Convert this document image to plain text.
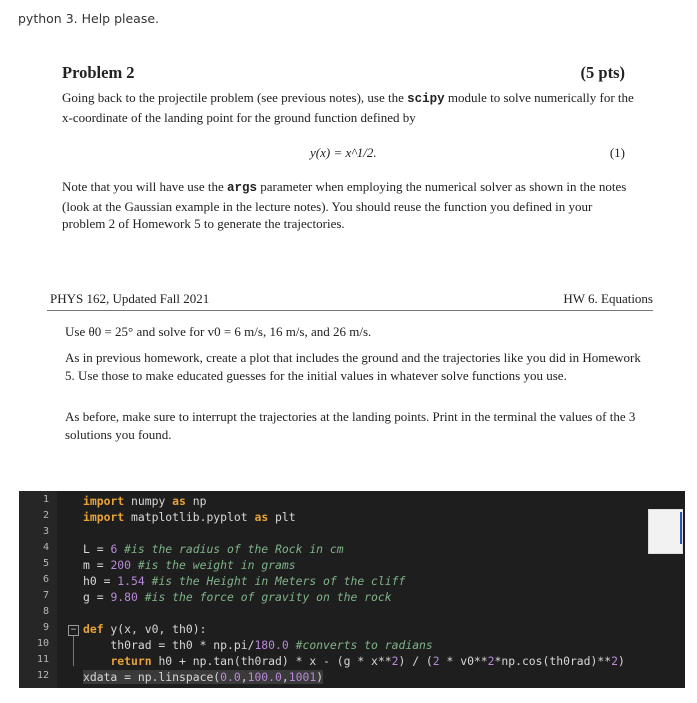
python 3. Help please.
Problem 2	(5 pts)
Going back to the projectile problem (see previous notes), use the scipy module to solve numerically for the x-coordinate of the landing point for the ground function defined by
y(x) = x^1/2.	(1)
Note that you will have use the args parameter when employing the numerical solver as shown in the notes (look at the Gaussian example in the lecture notes). You should reuse the function you defined in your problem 2 of Homework 5 to generate the trajectories.
PHYS 162, Updated Fall 2021	HW 6. Equations
Use θ0 = 25° and solve for v0 = 6 m/s, 16 m/s, and 26 m/s.
As in previous homework, create a plot that includes the ground and the trajectories like you did in Homework 5. Use those to make educated guesses for the initial values in whatever solve functions you use.
As before, make sure to interrupt the trajectories at the landing points. Print in the terminal the values of the 3 solutions you found.
1
2
3
4
5
6
7
8
9
10
11
12
−
import numpy as np
import matplotlib.pyplot as plt
L = 6 #is the radius of the Rock in cm
m = 200 #is the weight in grams
h0 = 1.54 #is the Height in Meters of the cliff
g = 9.80 #is the force of gravity on the rock
def y(x, v0, th0):
th0rad = th0 * np.pi/180.0 #converts to radians
return h0 + np.tan(th0rad) * x - (g * x**2) / (2 * v0**2*np.cos(th0rad)**2)
xdata = np.linspace(0.0,100.0,1001)
